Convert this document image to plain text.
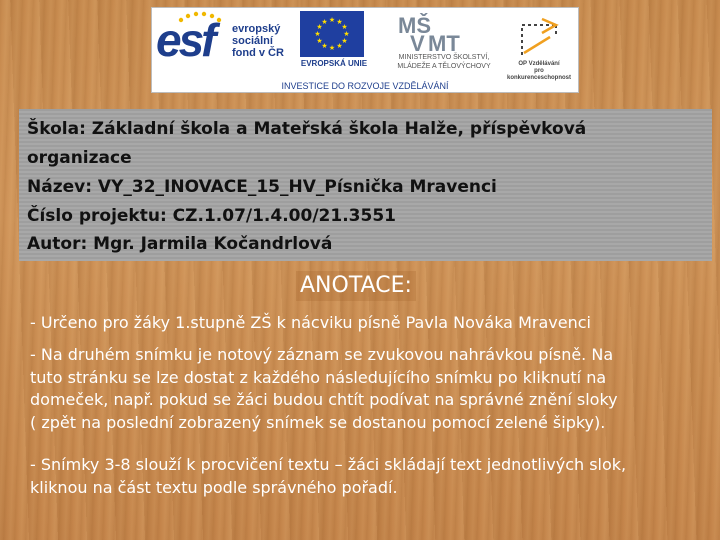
esf evropský
sociální
fond v ČR
★ ★
★
★
★
★
★
★
★
★
★
★
EVROPSKÁ UNIE
MŠ
MT
V
MINISTERSTVO ŠKOLSTVÍ,
MLÁDEŽE A TĚLOVÝCHOVY	OP Vzdělávání
pro konkurenceschopnost
INVESTICE DO ROZVOJE VZDĚLÁVÁNÍ
Škola: Základní škola a Mateřská škola Halže, příspěvková
organizace
Název: VY_32_INOVACE_15_HV_Písnička Mravenci
Číslo projektu: CZ.1.07/1.4.00/21.3551
Autor: Mgr. Jarmila Kočandrlová
ANOTACE:
- Určeno pro žáky 1.stupně ZŠ k nácviku písně Pavla Nováka Mravenci
- Na druhém snímku je notový záznam se zvukovou nahrávkou písně. Na
tuto stránku se lze dostat z každého následujícího snímku po kliknutí na
domeček, např. pokud se žáci budou chtít podívat na správné znění sloky
( zpět na poslední zobrazený snímek se dostanou pomocí zelené šipky).
- Snímky 3-8 slouží k procvičení textu – žáci skládají text jednotlivých slok,
kliknou na část textu podle správného pořadí.
